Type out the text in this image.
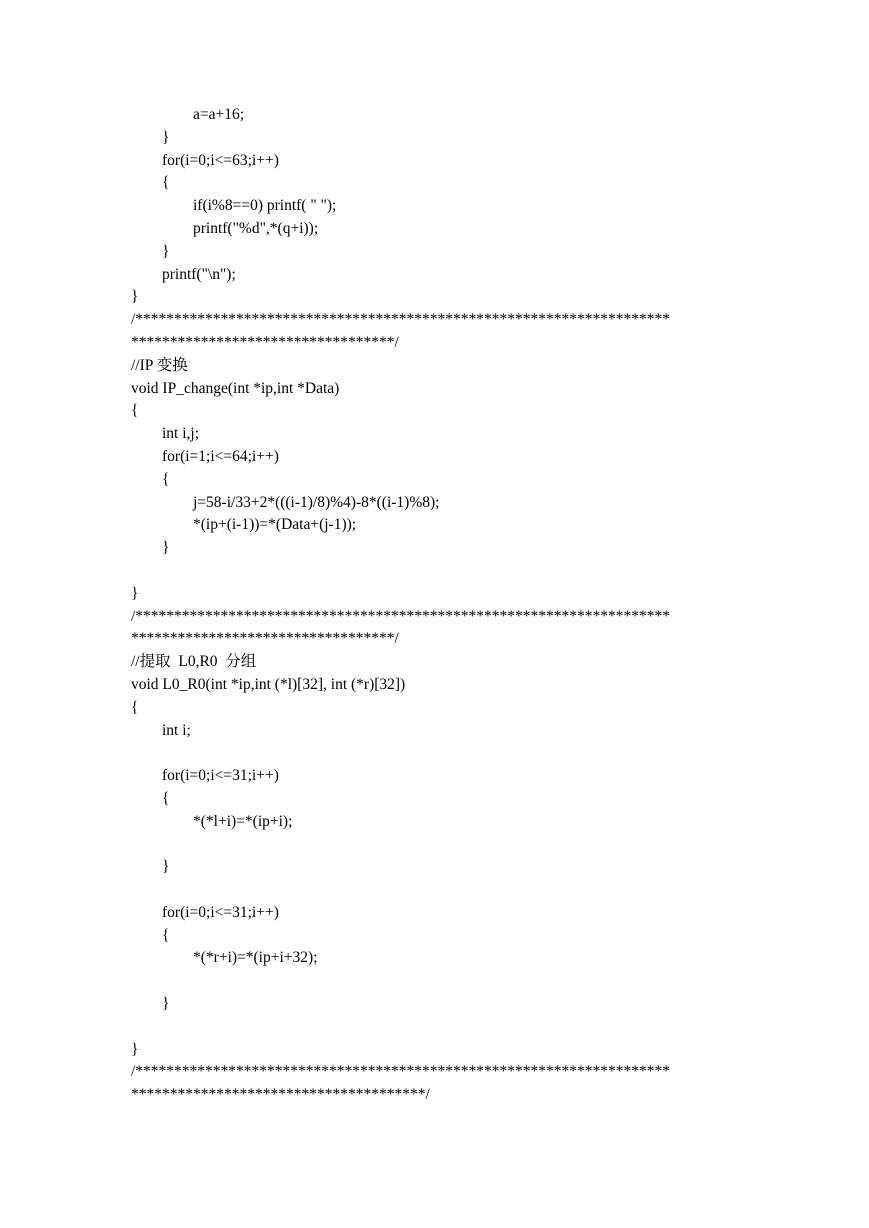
a=a+16;
}
for(i=0;i<=63;i++)
{
if(i%8==0) printf( " ");
printf("%d",*(q+i));
}
printf("\n");
}
/*********************************************************************
**********************************/
//IP 变换
void IP_change(int *ip,int *Data)
{
int i,j;
for(i=1;i<=64;i++)
{
j=58-i/33+2*(((i-1)/8)%4)-8*((i-1)%8);
*(ip+(i-1))=*(Data+(j-1));
}
}
/*********************************************************************
**********************************/
//提取  L0,R0  分组
void L0_R0(int *ip,int (*l)[32], int (*r)[32])
{
int i;
for(i=0;i<=31;i++)
{
*(*l+i)=*(ip+i);
}
for(i=0;i<=31;i++)
{
*(*r+i)=*(ip+i+32);
}
}
/*********************************************************************
**************************************/
